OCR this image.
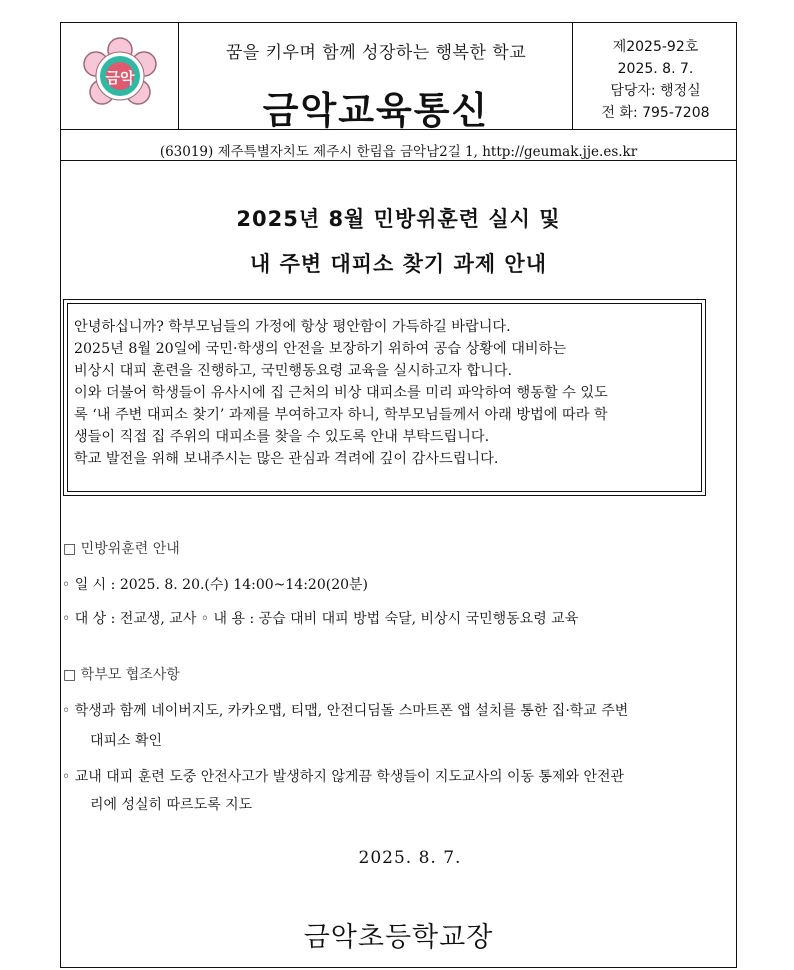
금악
꿈을 키우며 함께 성장하는 행복한 학교
금악교육통신
제2025-92호
2025. 8. 7.
담당자: 행정실
전 화: 795-7208
(63019) 제주특별자치도 제주시 한림읍 금악남2길 1, http://geumak.jje.es.kr
2025년 8월 민방위훈련 실시 및
내 주변 대피소 찾기 과제 안내
안녕하십니까? 학부모님들의 가정에 항상 평안함이 가득하길 바랍니다.
2025년 8월 20일에 국민·학생의 안전을 보장하기 위하여 공습 상황에 대비하는
비상시 대피 훈련을 진행하고, 국민행동요령 교육을 실시하고자 합니다.
이와 더불어 학생들이 유사시에 집 근처의 비상 대피소를 미리 파악하여 행동할 수 있도
록 ‘내 주변 대피소 찾기’ 과제를 부여하고자 하니, 학부모님들께서 아래 방법에 따라 학
생들이 직접 집 주위의 대피소를 찾을 수 있도록 안내 부탁드립니다.
학교 발전을 위해 보내주시는 많은 관심과 격려에 깊이 감사드립니다.
□ 민방위훈련 안내
◦ 일 시 : 2025. 8. 20.(수) 14:00~14:20(20분)
◦ 대 상 : 전교생, 교사 ◦ 내 용 : 공습 대비 대피 방법 숙달, 비상시 국민행동요령 교육
□ 학부모 협조사항
◦ 학생과 함께 네이버지도, 카카오맵, 티맵, 안전디딤돌 스마트폰 앱 설치를 통한 집·학교 주변
대피소 확인
◦ 교내 대피 훈련 도중 안전사고가 발생하지 않게끔 학생들이 지도교사의 이동 통제와 안전관
리에 성실히 따르도록 지도
2025. 8. 7.
금악초등학교장
